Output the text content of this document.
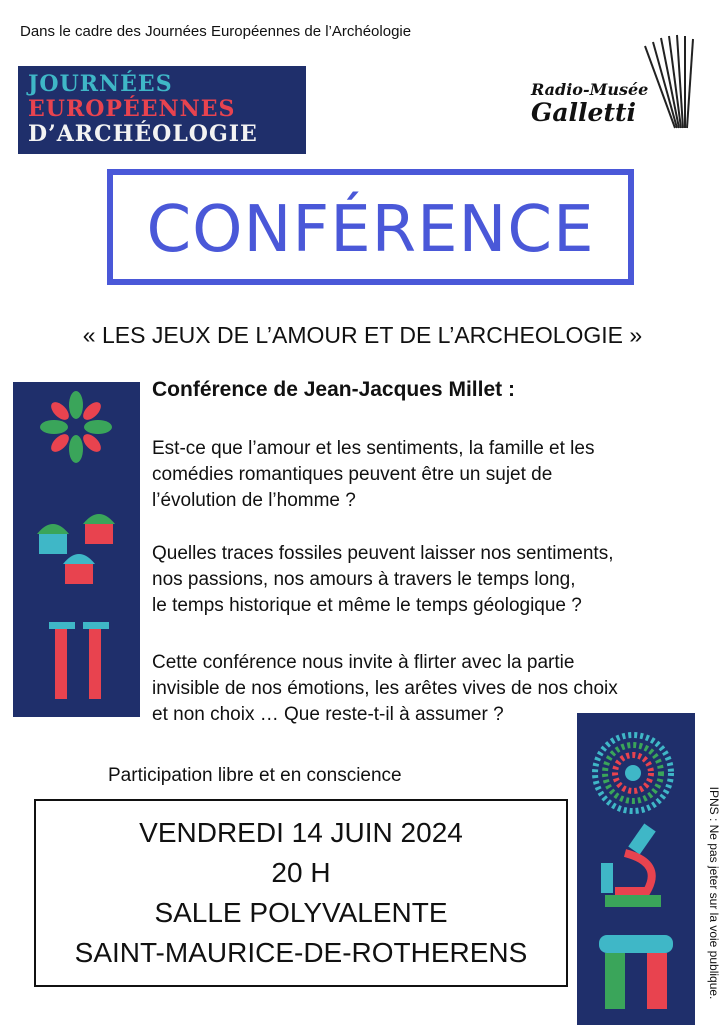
Dans le cadre des Journées Européennes de l’Archéologie
JOURNÉES
EUROPÉENNES
D’ARCHÉOLOGIE
Radio-Musée
Galletti
CONFÉRENCE
« LES JEUX DE L’AMOUR ET DE L’ARCHEOLOGIE »
Conférence de Jean-Jacques Millet :
Est-ce que l’amour et les sentiments, la famille et les
comédies romantiques peuvent être un sujet de
l’évolution de l’homme ?
Quelles traces fossiles peuvent laisser nos sentiments,
nos passions, nos amours à travers le temps long,
le temps historique et même le temps géologique ?
Cette conférence nous invite à flirter avec la partie
invisible de nos émotions, les arêtes vives de nos choix
et non choix … Que reste-t-il à assumer ?
Participation libre et en conscience
VENDREDI 14 JUIN 2024
20 H
SALLE POLYVALENTE
SAINT-MAURICE-DE-ROTHERENS	IPNS : Ne pas jeter sur la voie publique.
